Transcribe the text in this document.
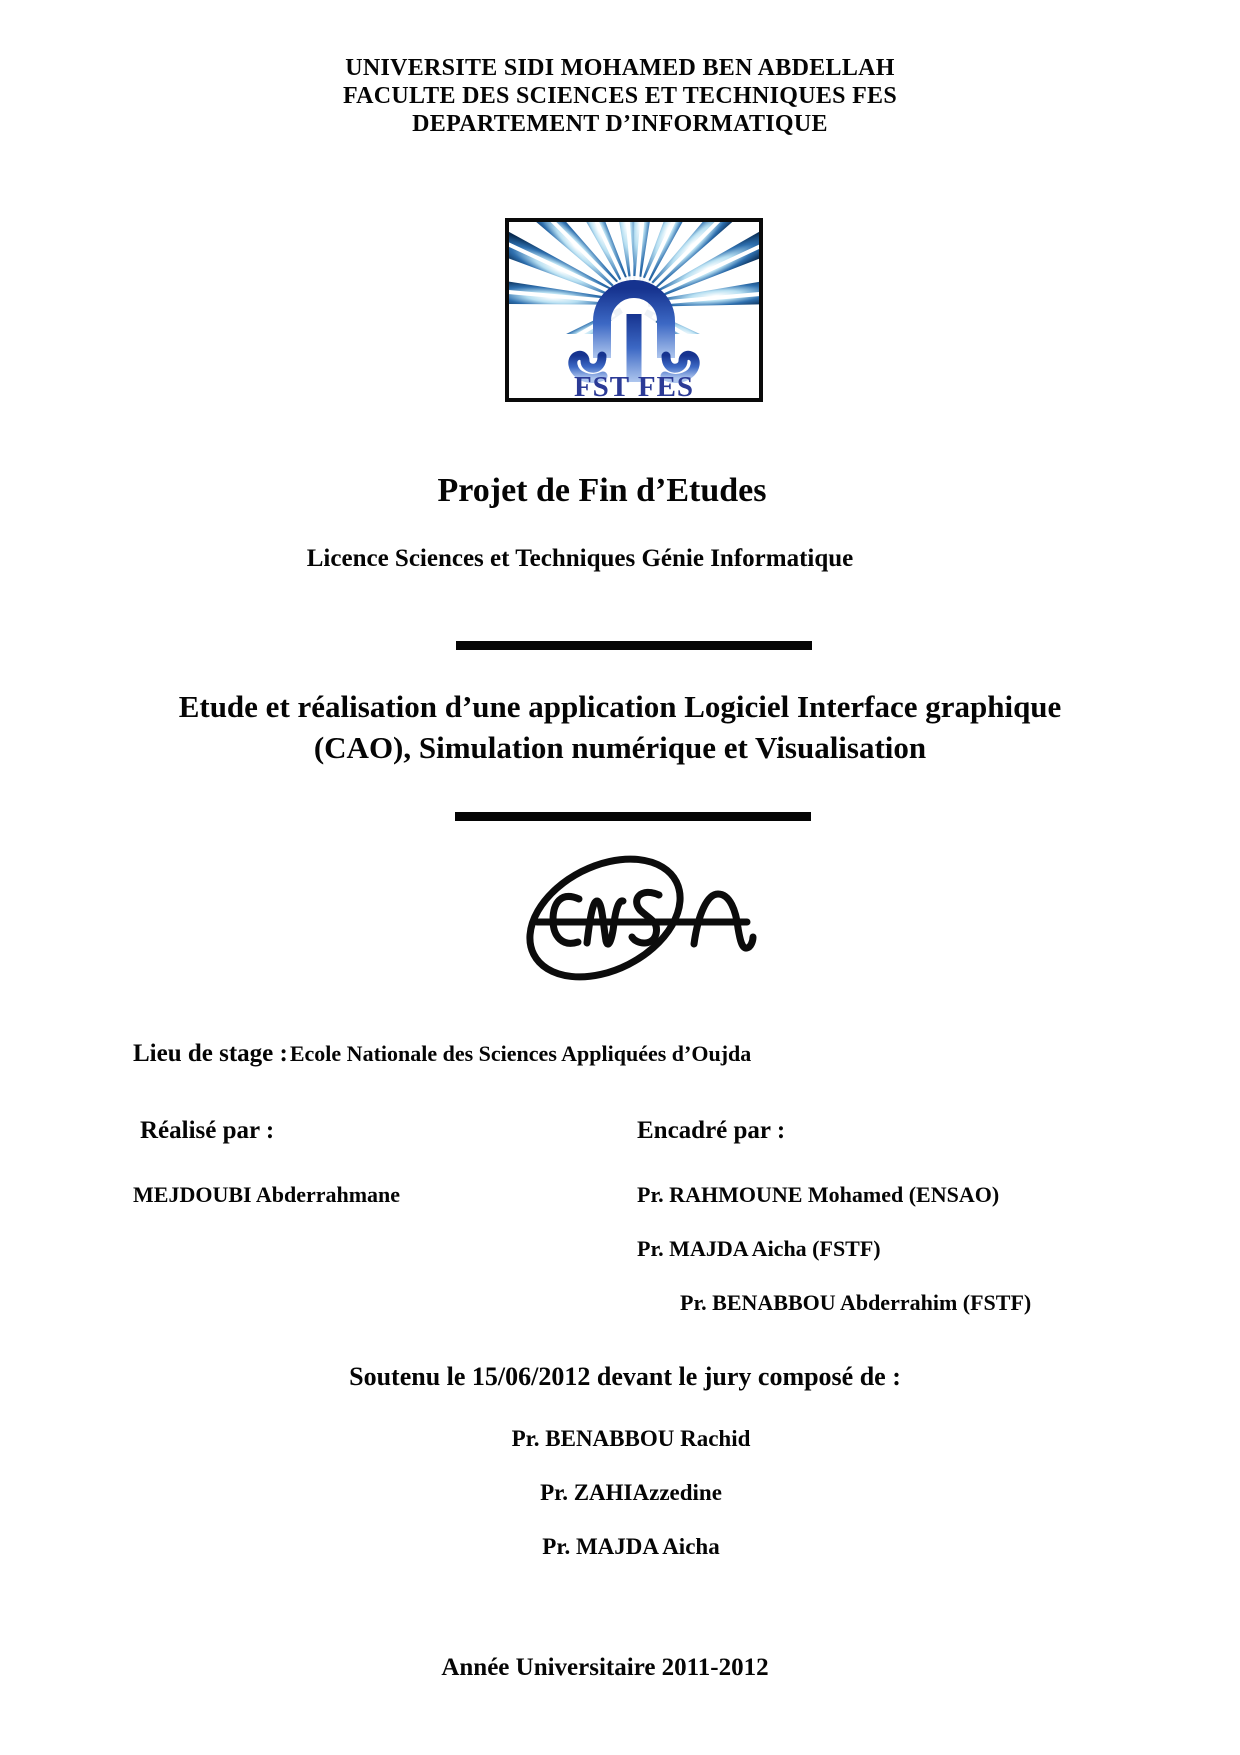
UNIVERSITE SIDI MOHAMED BEN ABDELLAH
FACULTE DES SCIENCES ET TECHNIQUES FES
DEPARTEMENT D’INFORMATIQUE
FST FES
Projet de Fin d’Etudes
Licence Sciences et Techniques Génie Informatique
Etude et réalisation d’une application Logiciel Interface graphique
(CAO), Simulation numérique et Visualisation
Lieu de stage : Ecole Nationale des Sciences Appliquées d’Oujda
Réalisé par :	Encadré par :
MEJDOUBI Abderrahmane	Pr. RAHMOUNE Mohamed (ENSAO)
Pr. MAJDA Aicha (FSTF)
Pr. BENABBOU Abderrahim (FSTF)
Soutenu le 15/06/2012 devant le jury composé de :
Pr. BENABBOU Rachid
Pr. ZAHIAzzedine
Pr. MAJDA Aicha
Année Universitaire 2011-2012
